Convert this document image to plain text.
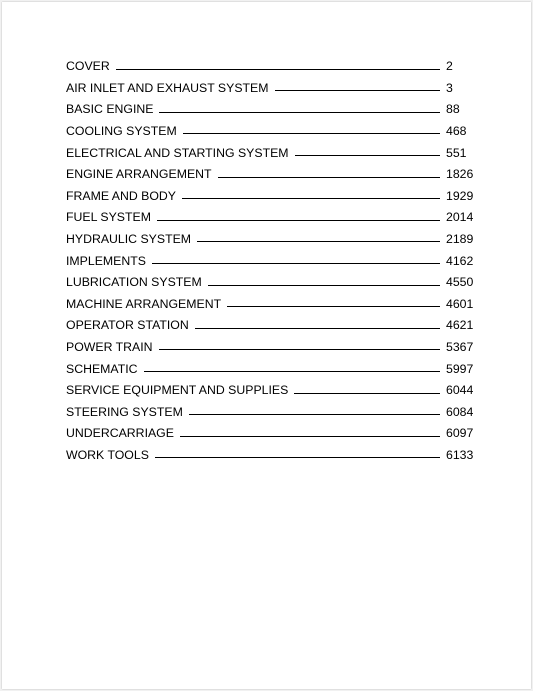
COVER	2
AIR INLET AND EXHAUST SYSTEM	3
BASIC ENGINE	88
COOLING SYSTEM	468
ELECTRICAL AND STARTING SYSTEM	551
ENGINE ARRANGEMENT	1826
FRAME AND BODY	1929
FUEL SYSTEM	2014
HYDRAULIC SYSTEM	2189
IMPLEMENTS	4162
LUBRICATION SYSTEM	4550
MACHINE ARRANGEMENT	4601
OPERATOR STATION	4621
POWER TRAIN	5367
SCHEMATIC	5997
SERVICE EQUIPMENT AND SUPPLIES	6044
STEERING SYSTEM	6084
UNDERCARRIAGE	6097
WORK TOOLS	6133
